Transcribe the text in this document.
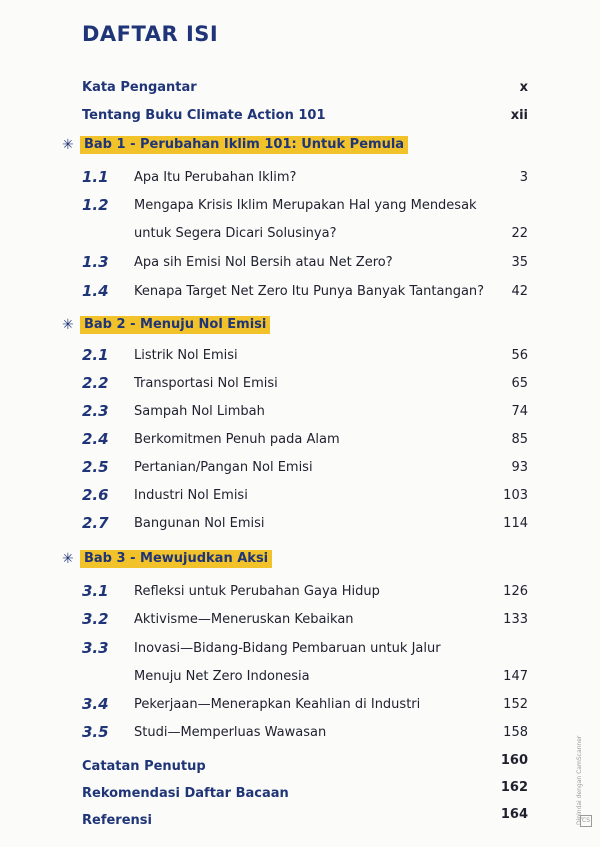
DAFTAR ISI
Kata Pengantar	x
Tentang Buku Climate Action 101	xii
✳ Bab 1 - Perubahan Iklim 101: Untuk Pemula
1.1 Apa Itu Perubahan Iklim?	3
1.2 Mengapa Krisis Iklim Merupakan Hal yang Mendesak
untuk Segera Dicari Solusinya?	22
1.3 Apa sih Emisi Nol Bersih atau Net Zero?	35
1.4 Kenapa Target Net Zero Itu Punya Banyak Tantangan? 42
✳ Bab 2 - Menuju Nol Emisi
2.1 Listrik Nol Emisi	56
2.2 Transportasi Nol Emisi	65
2.3 Sampah Nol Limbah	74
2.4 Berkomitmen Penuh pada Alam	85
2.5 Pertanian/Pangan Nol Emisi	93
2.6 Industri Nol Emisi	103
2.7 Bangunan Nol Emisi	114
✳ Bab 3 - Mewujudkan Aksi
3.1 Refleksi untuk Perubahan Gaya Hidup	126
3.2 Aktivisme—Meneruskan Kebaikan	133
3.3 Inovasi—Bidang-Bidang Pembaruan untuk Jalur
Menuju Net Zero Indonesia	147
3.4 Pekerjaan—Menerapkan Keahlian di Industri	152
3.5 Studi—Memperluas Wawasan	158
Catatan Penutup	160
Rekomendasi Daftar Bacaan	162
Referensi	164	Dipindai dengan CamScanner CS
